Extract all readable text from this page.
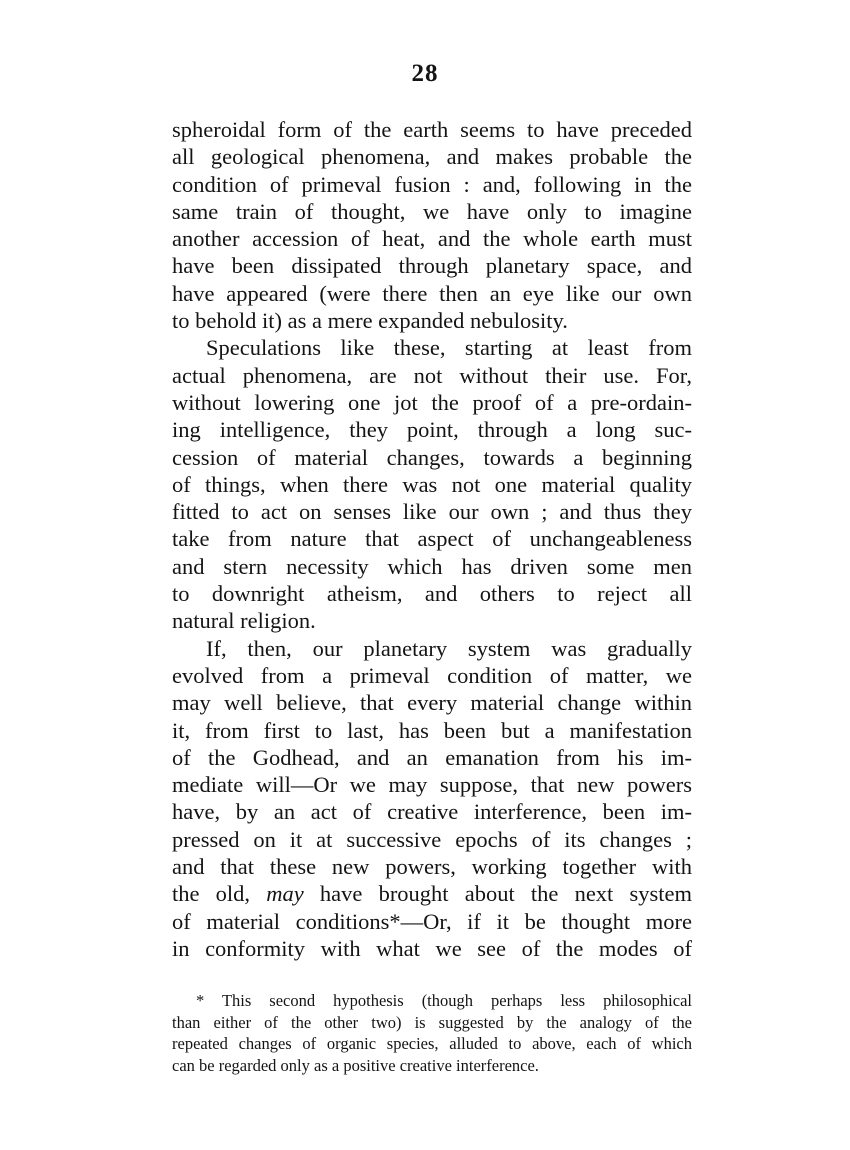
28
spheroidal form of the earth seems to have preceded
all geological phenomena, and makes probable the
condition of primeval fusion : and, following in the
same train of thought, we have only to imagine
another accession of heat, and the whole earth must
have been dissipated through planetary space, and
have appeared (were there then an eye like our own
to behold it) as a mere expanded nebulosity.
Speculations like these, starting at least from
actual phenomena, are not without their use. For,
without lowering one jot the proof of a pre-ordain-
ing intelligence, they point, through a long suc-
cession of material changes, towards a beginning
of things, when there was not one material quality
fitted to act on senses like our own ; and thus they
take from nature that aspect of unchangeableness
and stern necessity which has driven some men
to downright atheism, and others to reject all
natural religion.
If, then, our planetary system was gradually
evolved from a primeval condition of matter, we
may well believe, that every material change within
it, from first to last, has been but a manifestation
of the Godhead, and an emanation from his im-
mediate will—Or we may suppose, that new powers
have, by an act of creative interference, been im-
pressed on it at successive epochs of its changes ;
and that these new powers, working together with
the old, may have brought about the next system
of material conditions*—Or, if it be thought more
in conformity with what we see of the modes of
* This second hypothesis (though perhaps less philosophical
than either of the other two) is suggested by the analogy of the
repeated changes of organic species, alluded to above, each of which
can be regarded only as a positive creative interference.
